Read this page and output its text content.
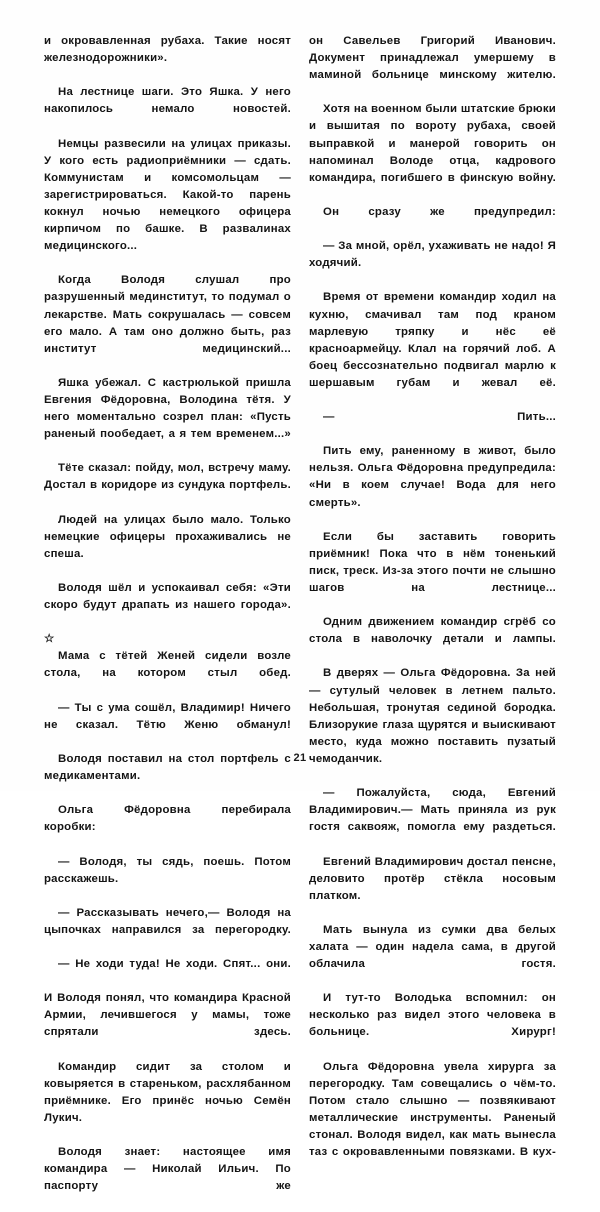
и окровавленная рубаха. Такие носят железнодорожники».

На лестнице шаги. Это Яшка. У него накопилось немало новостей.

Немцы развесили на улицах приказы. У кого есть радиоприёмники — сдать. Коммунистам и комсомольцам — зарегистрироваться. Какой-то парень кокнул ночью немецкого офицера кирпичом по башке. В развалинах медицинского...

Когда Володя слушал про разрушенный мединститут, то подумал о лекарстве. Мать сокрушалась — совсем его мало. А там оно должно быть, раз институт медицинский...

Яшка убежал. С кастрюлькой пришла Евгения Фёдоровна, Володина тётя. У него моментально созрел план: «Пусть раненый пообедает, а я тем временем...»

Тёте сказал: пойду, мол, встречу маму. Достал в коридоре из сундука портфель.

Людей на улицах было мало. Только немецкие офицеры прохаживались не спеша.

Володя шёл и успокаивал себя: «Эти скоро будут драпать из нашего города».

☆

Мама с тётей Женей сидели возле стола, на котором стыл обед.

— Ты с ума сошёл, Владимир! Ничего не сказал. Тётю Женю обманул!

Володя поставил на стол портфель с медикаментами.

Ольга Фёдоровна перебирала коробки:

— Володя, ты сядь, поешь. Потом расскажешь.

— Рассказывать нечего,— Володя на цыпочках направился за перегородку.

— Не ходи туда! Не ходи. Спят... они.

И Володя понял, что командира Красной Армии, лечившегося у мамы, тоже спрятали здесь.

Командир сидит за столом и ковыряется в стареньком, расхлябанном приёмнике. Его принёс ночью Семён Лукич.

Володя знает: настоящее имя командира — Николай Ильич. По паспорту же

он Савельев Григорий Иванович. Документ принадлежал умершему в маминой больнице минскому жителю.

Хотя на военном были штатские брюки и вышитая по вороту рубаха, своей выправкой и манерой говорить он напоминал Володе отца, кадрового командира, погибшего в финскую войну.

Он сразу же предупредил:

— За мной, орёл, ухаживать не надо! Я ходячий.

Время от времени командир ходил на кухню, смачивал там под краном марлевую тряпку и нёс её красноармейцу. Клал на горячий лоб. А боец бессознательно подвигал марлю к шершавым губам и жевал её.

— Пить...

Пить ему, раненному в живот, было нельзя. Ольга Фёдоровна предупредила: «Ни в коем случае! Вода для него смерть».

Если бы заставить говорить приёмник! Пока что в нём тоненький писк, треск. Из-за этого почти не слышно шагов на лестнице...

Одним движением командир сгрёб со стола в наволочку детали и лампы.

В дверях — Ольга Фёдоровна. За ней — сутулый человек в летнем пальто. Небольшая, тронутая сединой бородка. Близорукие глаза щурятся и выискивают место, куда можно поставить пузатый чемоданчик.

— Пожалуйста, сюда, Евгений Владимирович.— Мать приняла из рук гостя саквояж, помогла ему раздеться.

Евгений Владимирович достал пенсне, деловито протёр стёкла носовым платком.

Мать вынула из сумки два белых халата — один надела сама, в другой облачила гостя.

И тут-то Володька вспомнил: он несколько раз видел этого человека в больнице. Хирург!

Ольга Фёдоровна увела хирурга за перегородку. Там совещались о чём-то. Потом стало слышно — позвякивают металлические инструменты. Раненый стонал. Володя видел, как мать вынесла таз с окровавленными повязками. В кух-

21
